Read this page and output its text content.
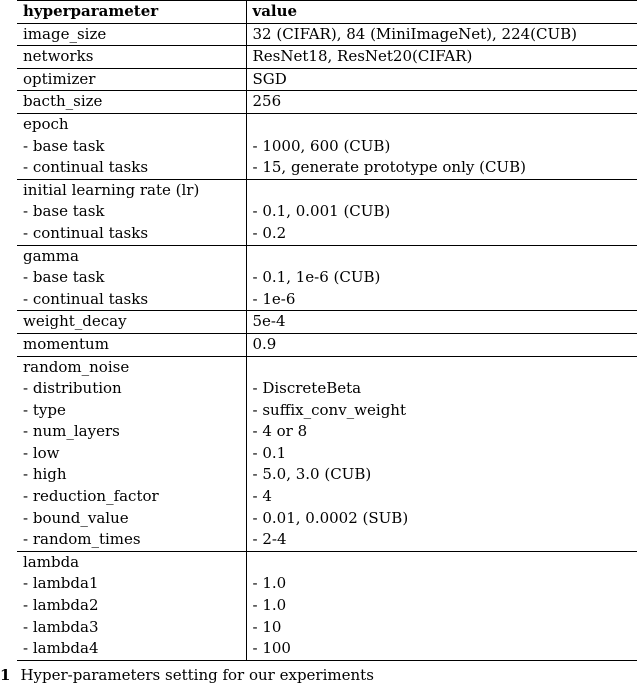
hyperparameter	value
image_size	32 (CIFAR), 84 (MiniImageNet), 224(CUB)
networks	ResNet18, ResNet20(CIFAR)
optimizer	SGD
bacth_size	256
epoch	
- base task	- 1000, 600 (CUB)
- continual tasks	- 15, generate prototype only (CUB)
initial learning rate (lr)	
- base task	- 0.1, 0.001 (CUB)
- continual tasks	- 0.2
gamma	
- base task	- 0.1, 1e-6 (CUB)
- continual tasks	- 1e-6
weight_decay	5e-4
momentum	0.9
random_noise	
- distribution	- DiscreteBeta
- type	- suffix_conv_weight
- num_layers	- 4 or 8
- low	- 0.1
- high	- 5.0, 3.0 (CUB)
- reduction_factor	- 4
- bound_value	- 0.01, 0.0002 (SUB)
- random_times	- 2-4
lambda	
- lambda1	- 1.0
- lambda2	- 1.0
- lambda3	- 10
- lambda4	- 100
1 Hyper-parameters setting for our experiments
